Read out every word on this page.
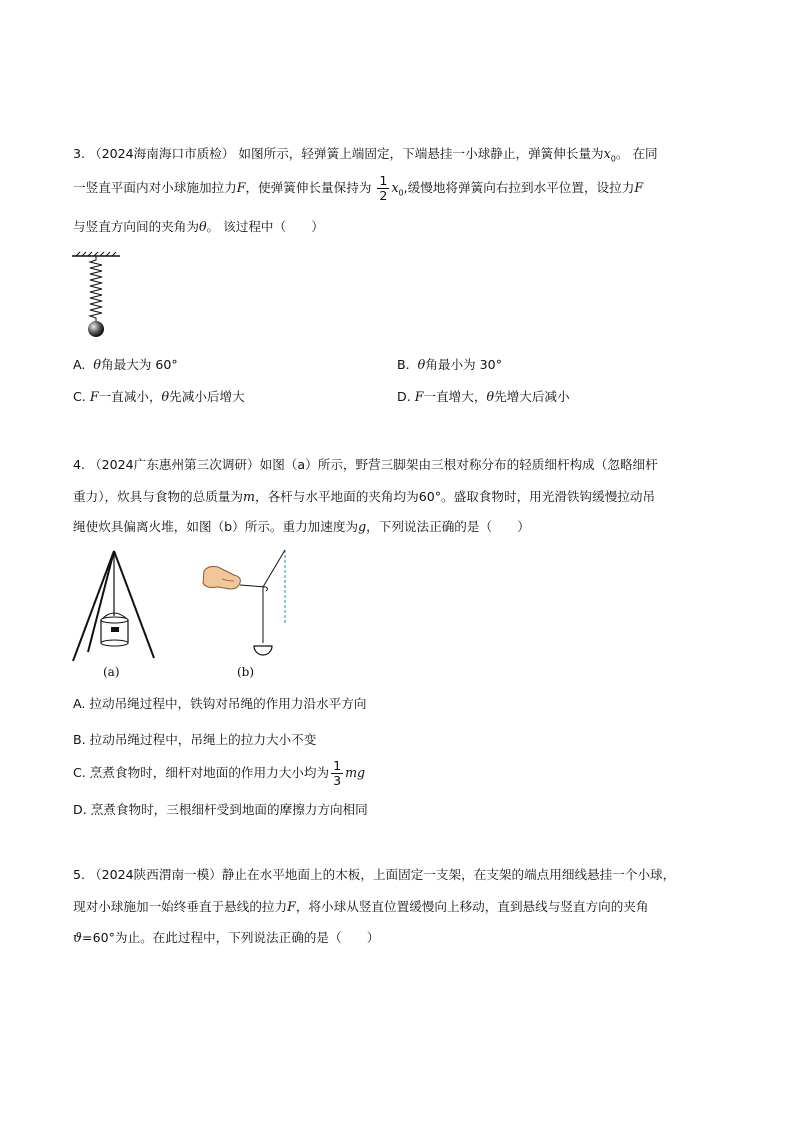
3. （2024海南海口市质检） 如图所示，轻弹簧上端固定，下端悬挂一小球静止，弹簧伸长量为$x_0$。 在同
一竖直平面内对小球施加拉力F，使弹簧伸长量保持为 $\frac{1}{2} x_0$,缓慢地将弹簧向右拉到水平位置，设拉力F
与竖直方向间的夹角为θ。 该过程中（　　）
A. θ角最大为 60°	B. θ角最小为 30°
C. F一直减小，θ先减小后增大	D. F一直增大，θ先增大后减小
4. （2024广东惠州第三次调研）如图（a）所示，野营三脚架由三根对称分布的轻质细杆构成（忽略细杆
重力），炊具与食物的总质量为m，各杆与水平地面的夹角均为60°。盛取食物时，用光滑铁钩缓慢拉动吊
绳使炊具偏离火堆，如图（b）所示。重力加速度为g，下列说法正确的是（　　）
(a)	(b)
A. 拉动吊绳过程中，铁钩对吊绳的作用力沿水平方向
B. 拉动吊绳过程中，吊绳上的拉力大小不变
C. 烹煮食物时，细杆对地面的作用力大小均为 $\frac{1}{3}$ mg
D. 烹煮食物时，三根细杆受到地面的摩擦力方向相同
5. （2024陕西渭南一模）静止在水平地面上的木板，上面固定一支架，在支架的端点用细线悬挂一个小球，
现对小球施加一始终垂直于悬线的拉力F，将小球从竖直位置缓慢向上移动，直到悬线与竖直方向的夹角
ϑ=60°为止。在此过程中，下列说法正确的是（　　）
